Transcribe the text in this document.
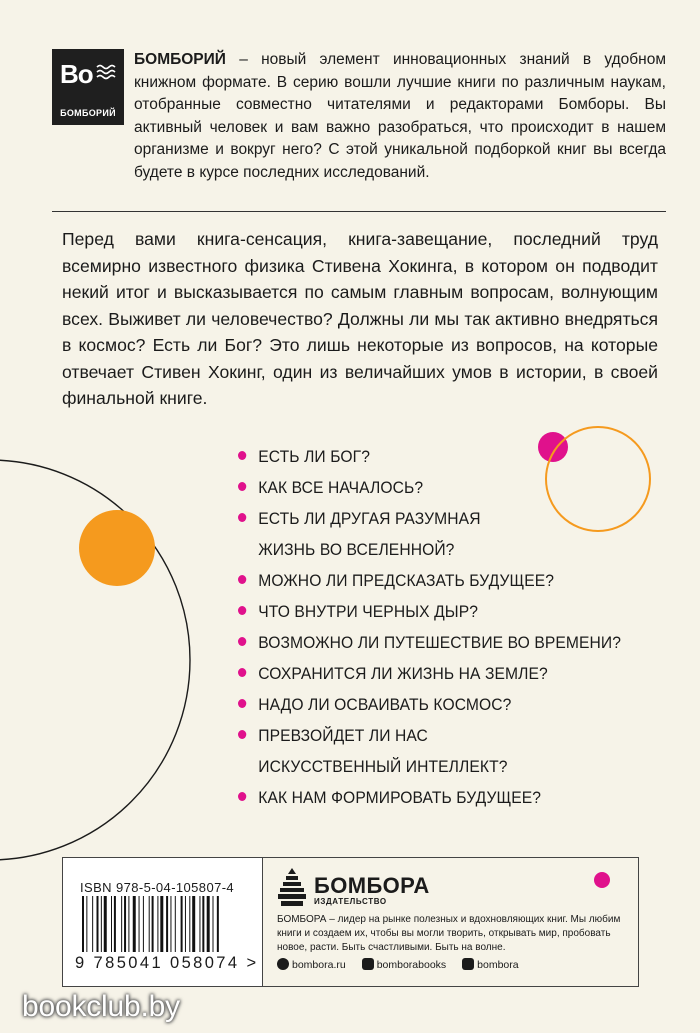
Bo
БОМБОРИЙ
БОМБОРИЙ – новый элемент инновационных знаний в удобном книжном формате. В серию вошли лучшие книги по различным наукам, отобранные совместно читателями и редакторами Бомборы. Вы активный человек и вам важно разобраться, что происходит в нашем организме и вокруг него? С этой уникальной подборкой книг вы всегда будете в курсе последних исследований.

Перед вами книга-сенсация, книга-завещание, последний труд всемирно известного физика Стивена Хокинга, в котором он подводит некий итог и высказывается по самым главным вопросам, волнующим всех. Выживет ли человечество? Должны ли мы так активно внедряться в космос? Есть ли Бог? Это лишь некоторые из вопросов, на которые отвечает Стивен Хокинг, один из величайших умов в истории, в своей финальной книге.

ЕСТЬ ЛИ БОГ?
КАК ВСЕ НАЧАЛОСЬ?
ЕСТЬ ЛИ ДРУГАЯ РАЗУМНАЯ
ЖИЗНЬ ВО ВСЕЛЕННОЙ?
МОЖНО ЛИ ПРЕДСКАЗАТЬ БУДУЩЕЕ?
ЧТО ВНУТРИ ЧЕРНЫХ ДЫР?
ВОЗМОЖНО ЛИ ПУТЕШЕСТВИЕ ВО ВРЕМЕНИ?
СОХРАНИТСЯ ЛИ ЖИЗНЬ НА ЗЕМЛЕ?
НАДО ЛИ ОСВАИВАТЬ КОСМОС?
ПРЕВЗОЙДЕТ ЛИ НАС
ИСКУССТВЕННЫЙ ИНТЕЛЛЕКТ?
КАК НАМ ФОРМИРОВАТЬ БУДУЩЕЕ?
ISBN 978-5-04-105807-4
9 785041 058074 >
БОМБОРА
ИЗДАТЕЛЬСТВО
БОМБОРА – лидер на рынке полезных и вдохновляющих книг. Мы любим книги и создаем их, чтобы вы могли творить, открывать мир, пробовать новое, расти. Быть счастливыми. Быть на волне.
bombora.ru	bomborabooks	bombora
bookclub.by
